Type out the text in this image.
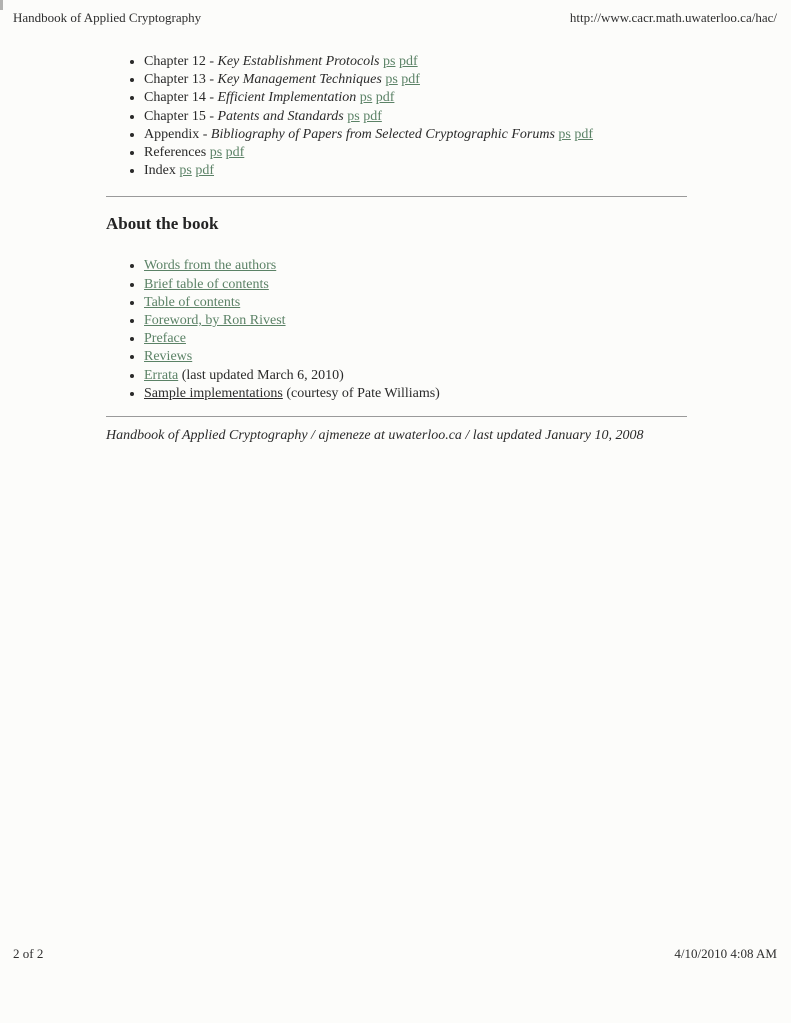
Handbook of Applied Cryptography	http://www.cacr.math.uwaterloo.ca/hac/
• Chapter 12 - Key Establishment Protocols ps pdf
• Chapter 13 - Key Management Techniques ps pdf
• Chapter 14 - Efficient Implementation ps pdf
• Chapter 15 - Patents and Standards ps pdf
• Appendix - Bibliography of Papers from Selected Cryptographic Forums ps pdf
• References ps pdf
• Index ps pdf
About the book
• Words from the authors
• Brief table of contents
• Table of contents
• Foreword, by Ron Rivest
• Preface
• Reviews
• Errata (last updated March 6, 2010)
• Sample implementations (courtesy of Pate Williams)

Handbook of Applied Cryptography / ajmeneze at uwaterloo.ca / last updated January 10, 2008

2 of 2	4/10/2010 4:08 AM
